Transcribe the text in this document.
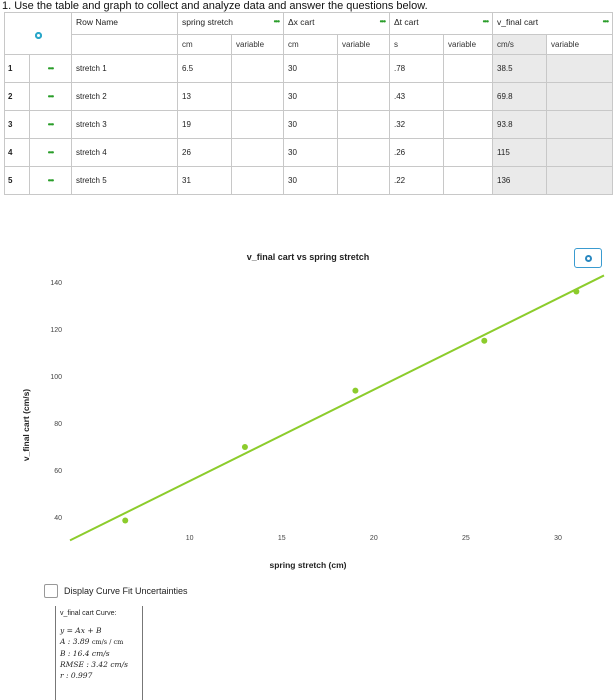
1. Use the table and graph to collect and analyze data and answer the questions below.
		Row Name	spring stretch •••		Δx cart •••		Δt cart •••		v_final cart •••	

			cm	variable	cm	variable	s	variable	cm/s	variable
1	•••	stretch 1	6.5		30		.78		38.5	
2	•••	stretch 2	13		30		.43		69.8	
3	•••	stretch 3	19		30		.32		93.8	
4	•••	stretch 4	26		30		.26		115	
5	•••	stretch 5	31		30		.22		136	
v_final cart vs spring stretch
40
60
80
100
120
140
10	15	20	25	30
v_final cart (cm/s)
spring stretch (cm)
Display Curve Fit Uncertainties
v_final cart Curve:
y = Ax + B
A : 3.89 cm/s / cm
B : 16.4 cm/s
RMSE : 3.42 cm/s
r : 0.997
